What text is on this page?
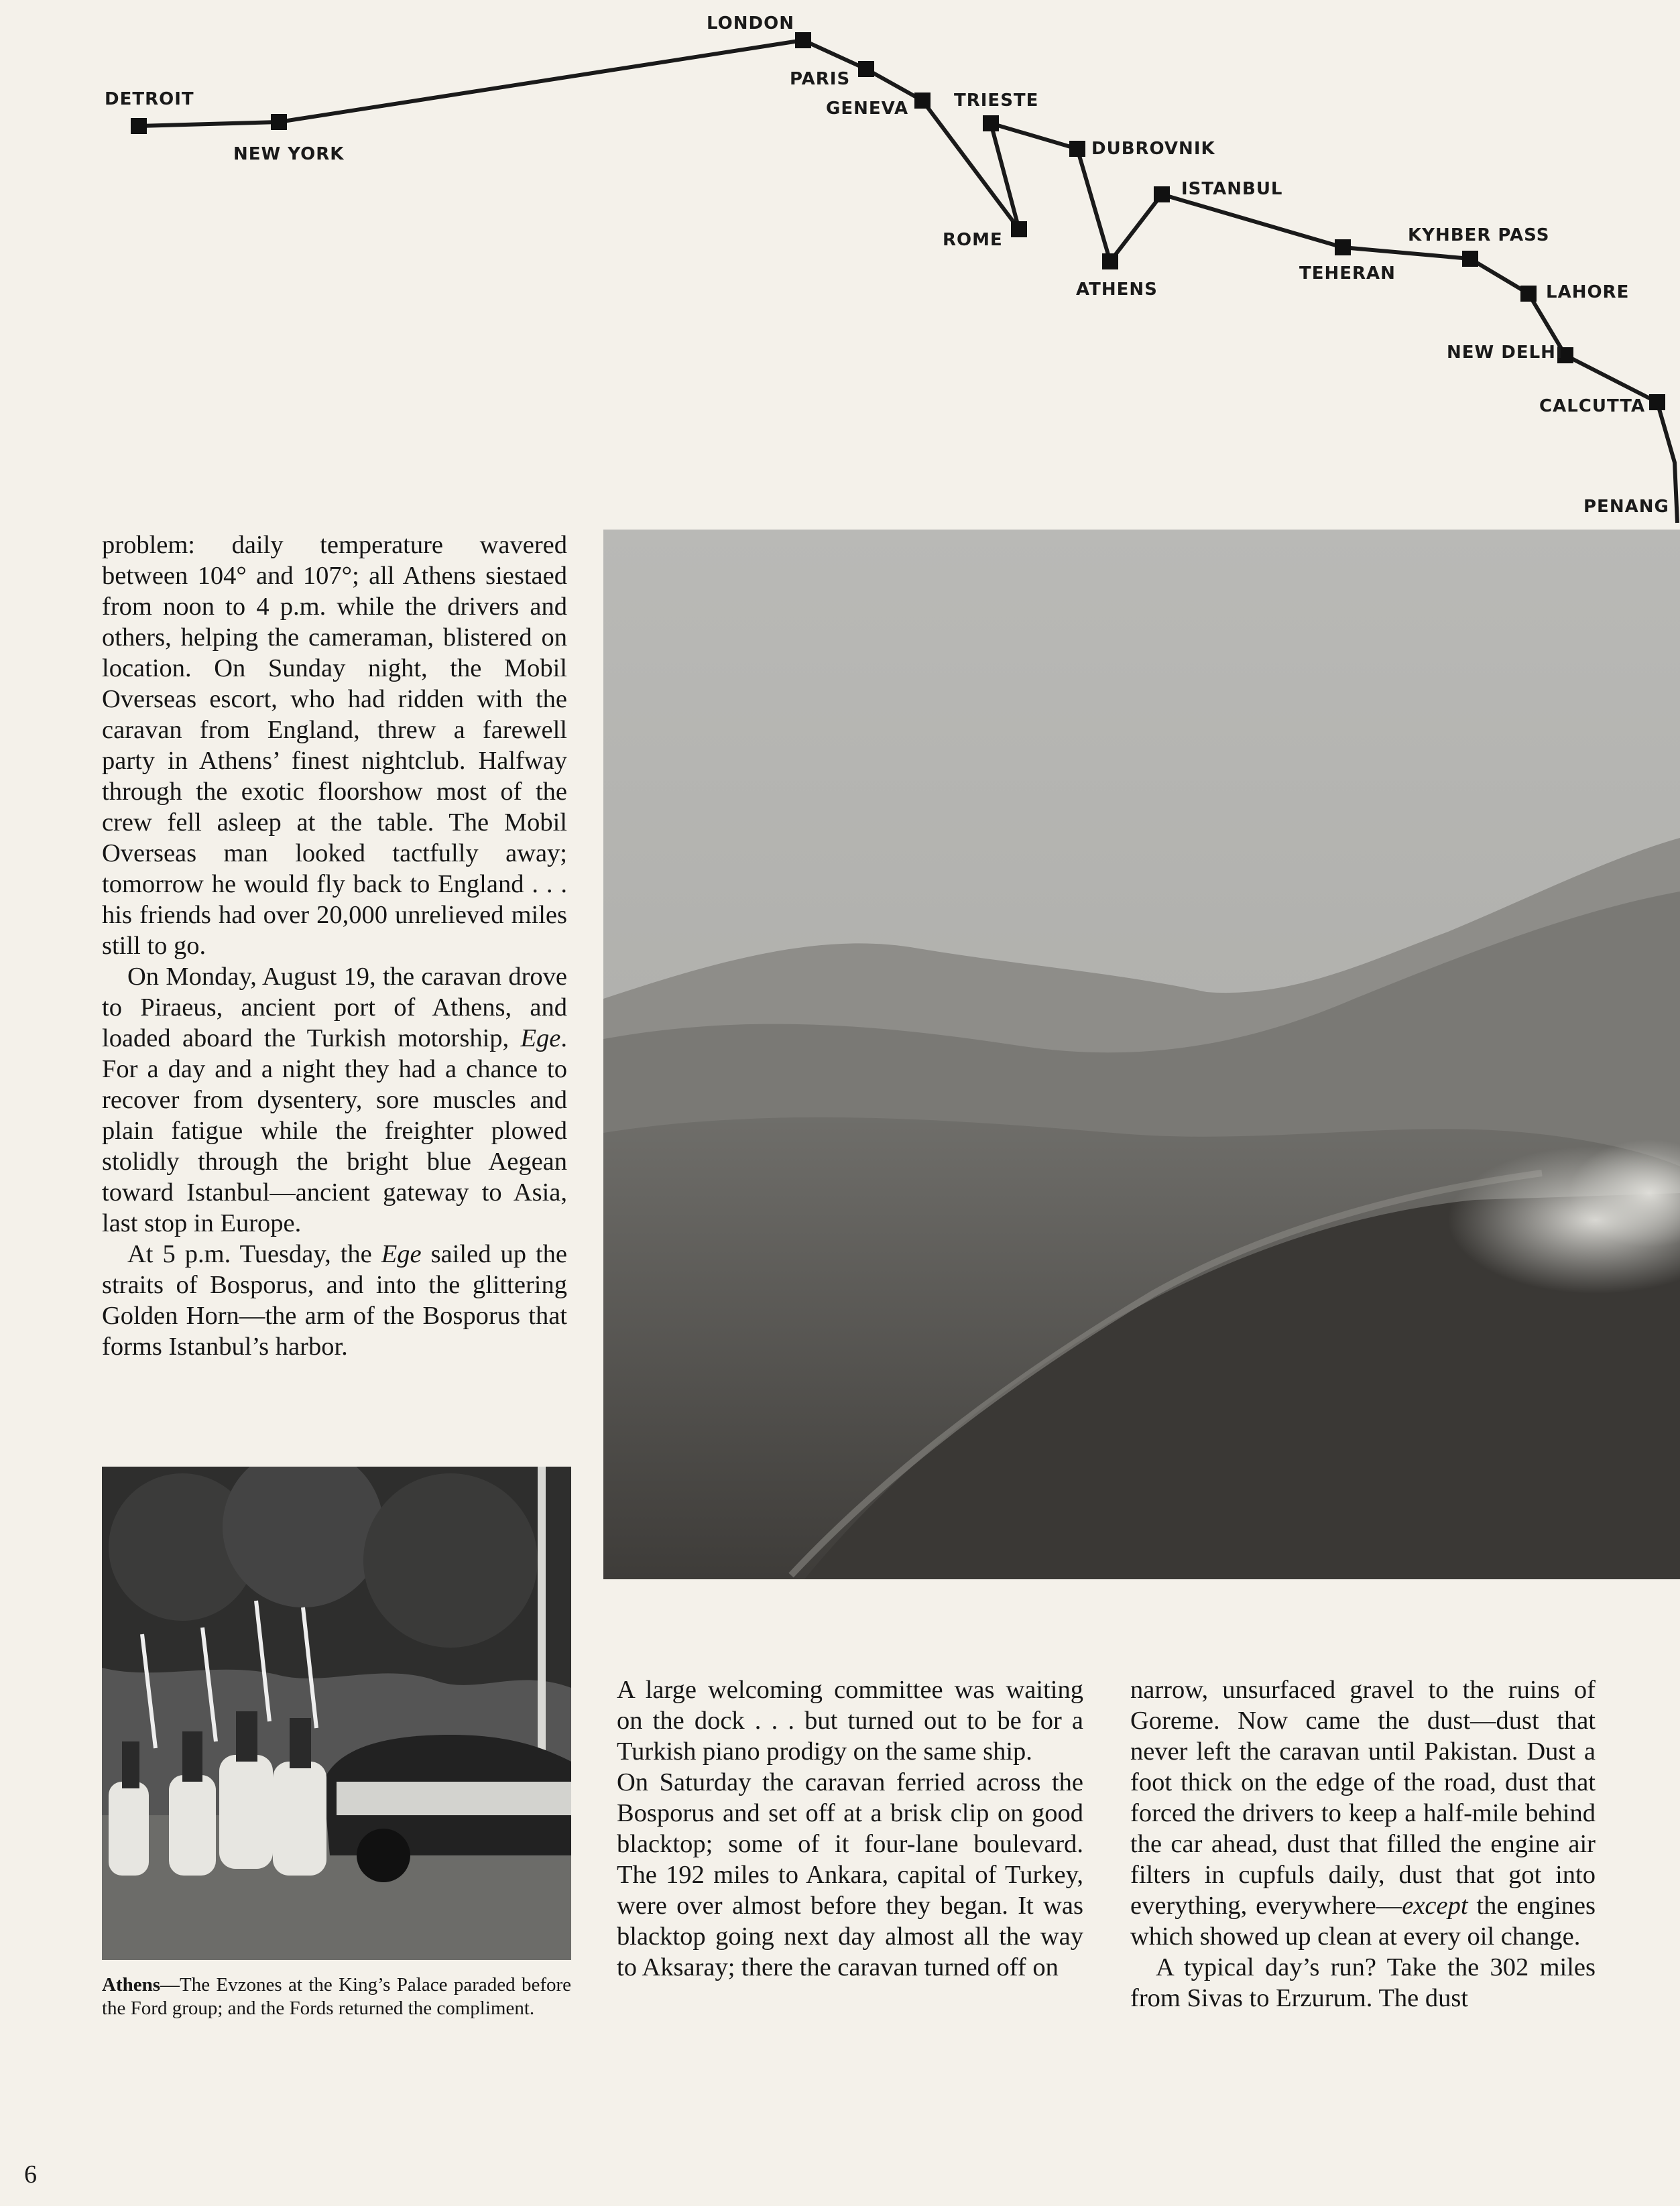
DETROIT
NEW YORK
LONDON
PARIS
GENEVA	TRIESTE
ROME
DUBROVNIK
ATHENS
ISTANBUL
TEHERAN
KYHBER PASS
LAHORE
NEW DELHI
CALCUTTA
PENANG

problem: daily temperature wavered between 104° and 107°; all Athens siestaed from noon to 4 p.m. while the drivers and others, helping the cameraman, blistered on location. On Sunday night, the Mobil Overseas escort, who had ridden with the caravan from England, threw a farewell party in Athens’ finest nightclub. Halfway through the exotic floorshow most of the crew fell asleep at the table. The Mobil Overseas man looked tactfully away; tomorrow he would fly back to England . . . his friends had over 20,000 unrelieved miles still to go.

On Monday, August 19, the caravan drove to Piraeus, ancient port of Athens, and loaded aboard the Turkish motorship, Ege. For a day and a night they had a chance to recover from dysentery, sore muscles and plain fatigue while the freighter plowed stolidly through the bright blue Aegean toward Istanbul—ancient gateway to Asia, last stop in Europe.

At 5 p.m. Tuesday, the Ege sailed up the straits of Bosporus, and into the glittering Golden Horn—the arm of the Bosporus that forms Istanbul’s harbor.

Athens—The Evzones at the King’s Palace paraded before the Ford group; and the Fords returned the compliment.

A large welcoming committee was waiting on the dock . . . but turned out to be for a Turkish piano prodigy on the same ship.

On Saturday the caravan ferried across the Bosporus and set off at a brisk clip on good blacktop; some of it four-lane boulevard. The 192 miles to Ankara, capital of Turkey, were over almost before they began. It was blacktop going next day almost all the way to Aksaray; there the caravan turned off on

narrow, unsurfaced gravel to the ruins of Goreme. Now came the dust—dust that never left the caravan until Pakistan. Dust a foot thick on the edge of the road, dust that forced the drivers to keep a half-mile behind the car ahead, dust that filled the engine air filters in cupfuls daily, dust that got into everything, everywhere—except the engines which showed up clean at every oil change.

A typical day’s run? Take the 302 miles from Sivas to Erzurum. The dust

6
